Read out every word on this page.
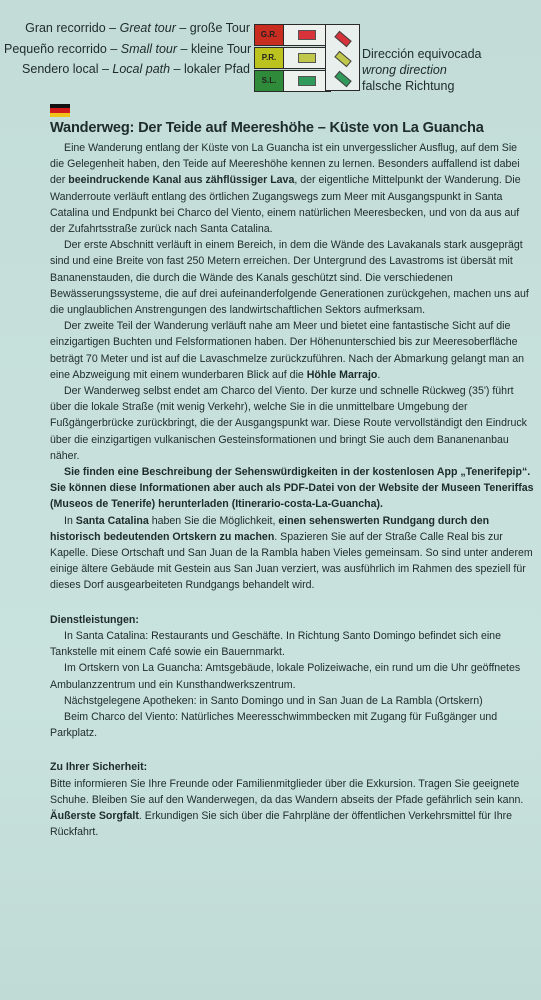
Gran recorrido – Great tour – große Tour
Pequeño recorrido – Small tour – kleine Tour
Sendero local – Local path – lokaler Pfad
G.R.
P.R.
S.L.
Dirección equivocada
wrong direction
falsche Richtung
Wanderweg: Der Teide auf Meereshöhe – Küste von La Guancha

Eine Wanderung entlang der Küste von La Guancha ist ein unvergesslicher Ausflug, auf dem Sie die Gelegenheit haben, den Teide auf Meereshöhe kennen zu lernen. Besonders auffallend ist dabei der beeindruckende Kanal aus zähflüssiger Lava, der eigentliche Mittelpunkt der Wanderung. Die Wanderroute verläuft entlang des örtlichen Zugangswegs zum Meer mit Ausgangspunkt in Santa Catalina und Endpunkt bei Charco del Viento, einem natürlichen Meeresbecken, und von da aus auf der Zufahrtsstraße zurück nach Santa Catalina.

Der erste Abschnitt verläuft in einem Bereich, in dem die Wände des Lavakanals stark ausgeprägt sind und eine Breite von fast 250 Metern erreichen. Der Untergrund des Lavastroms ist übersät mit Bananenstauden, die durch die Wände des Kanals geschützt sind. Die verschiedenen Bewässerungssysteme, die auf drei aufeinanderfolgende Generationen zurückgehen, machen uns auf die unglaublichen Anstrengungen des landwirtschaftlichen Sektors aufmerksam.

Der zweite Teil der Wanderung verläuft nahe am Meer und bietet eine fantastische Sicht auf die einzigartigen Buchten und Felsformationen haben. Der Höhenunterschied bis zur Meeresoberfläche beträgt 70 Meter und ist auf die Lavaschmelze zurückzuführen. Nach der Abmarkung gelangt man an eine Abzweigung mit einem wunderbaren Blick auf die Höhle Marrajo.

Der Wanderweg selbst endet am Charco del Viento. Der kurze und schnelle Rückweg (35') führt über die lokale Straße (mit wenig Verkehr), welche Sie in die unmittelbare Umgebung der Fußgängerbrücke zurückbringt, die der Ausgangspunkt war. Diese Route vervollständigt den Eindruck über die einzigartigen vulkanischen Gesteinsformationen und bringt Sie auch dem Bananenanbau näher.

Sie finden eine Beschreibung der Sehenswürdigkeiten in der kostenlosen App „Tenerifepip“. Sie können diese Informationen aber auch als PDF-Datei von der Website der Museen Teneriffas (Museos de Tenerife) herunterladen (Itinerario-costa-La-Guancha).

In Santa Catalina haben Sie die Möglichkeit, einen sehenswerten Rundgang durch den historisch bedeutenden Ortskern zu machen. Spazieren Sie auf der Straße Calle Real bis zur Kapelle. Diese Ortschaft und San Juan de la Rambla haben Vieles gemeinsam. So sind unter anderem einige ältere Gebäude mit Gestein aus San Juan verziert, was ausführlich im Rahmen des speziell für dieses Dorf ausgearbeiteten Rundgangs behandelt wird.

Dienstleistungen:

In Santa Catalina: Restaurants und Geschäfte. In Richtung Santo Domingo befindet sich eine Tankstelle mit einem Café sowie ein Bauernmarkt.

Im Ortskern von La Guancha: Amtsgebäude, lokale Polizeiwache, ein rund um die Uhr geöffnetes Ambulanzzentrum und ein Kunsthandwerkszentrum.

Nächstgelegene Apotheken: in Santo Domingo und in San Juan de La Rambla (Ortskern)

Beim Charco del Viento: Natürliches Meeresschwimmbecken mit Zugang für Fußgänger und Parkplatz.

Zu Ihrer Sicherheit:

Bitte informieren Sie Ihre Freunde oder Familienmitglieder über die Exkursion. Tragen Sie geeignete Schuhe. Bleiben Sie auf den Wanderwegen, da das Wandern abseits der Pfade gefährlich sein kann. Äußerste Sorgfalt. Erkundigen Sie sich über die Fahrpläne der öffentlichen Verkehrsmittel für Ihre Rückfahrt.
